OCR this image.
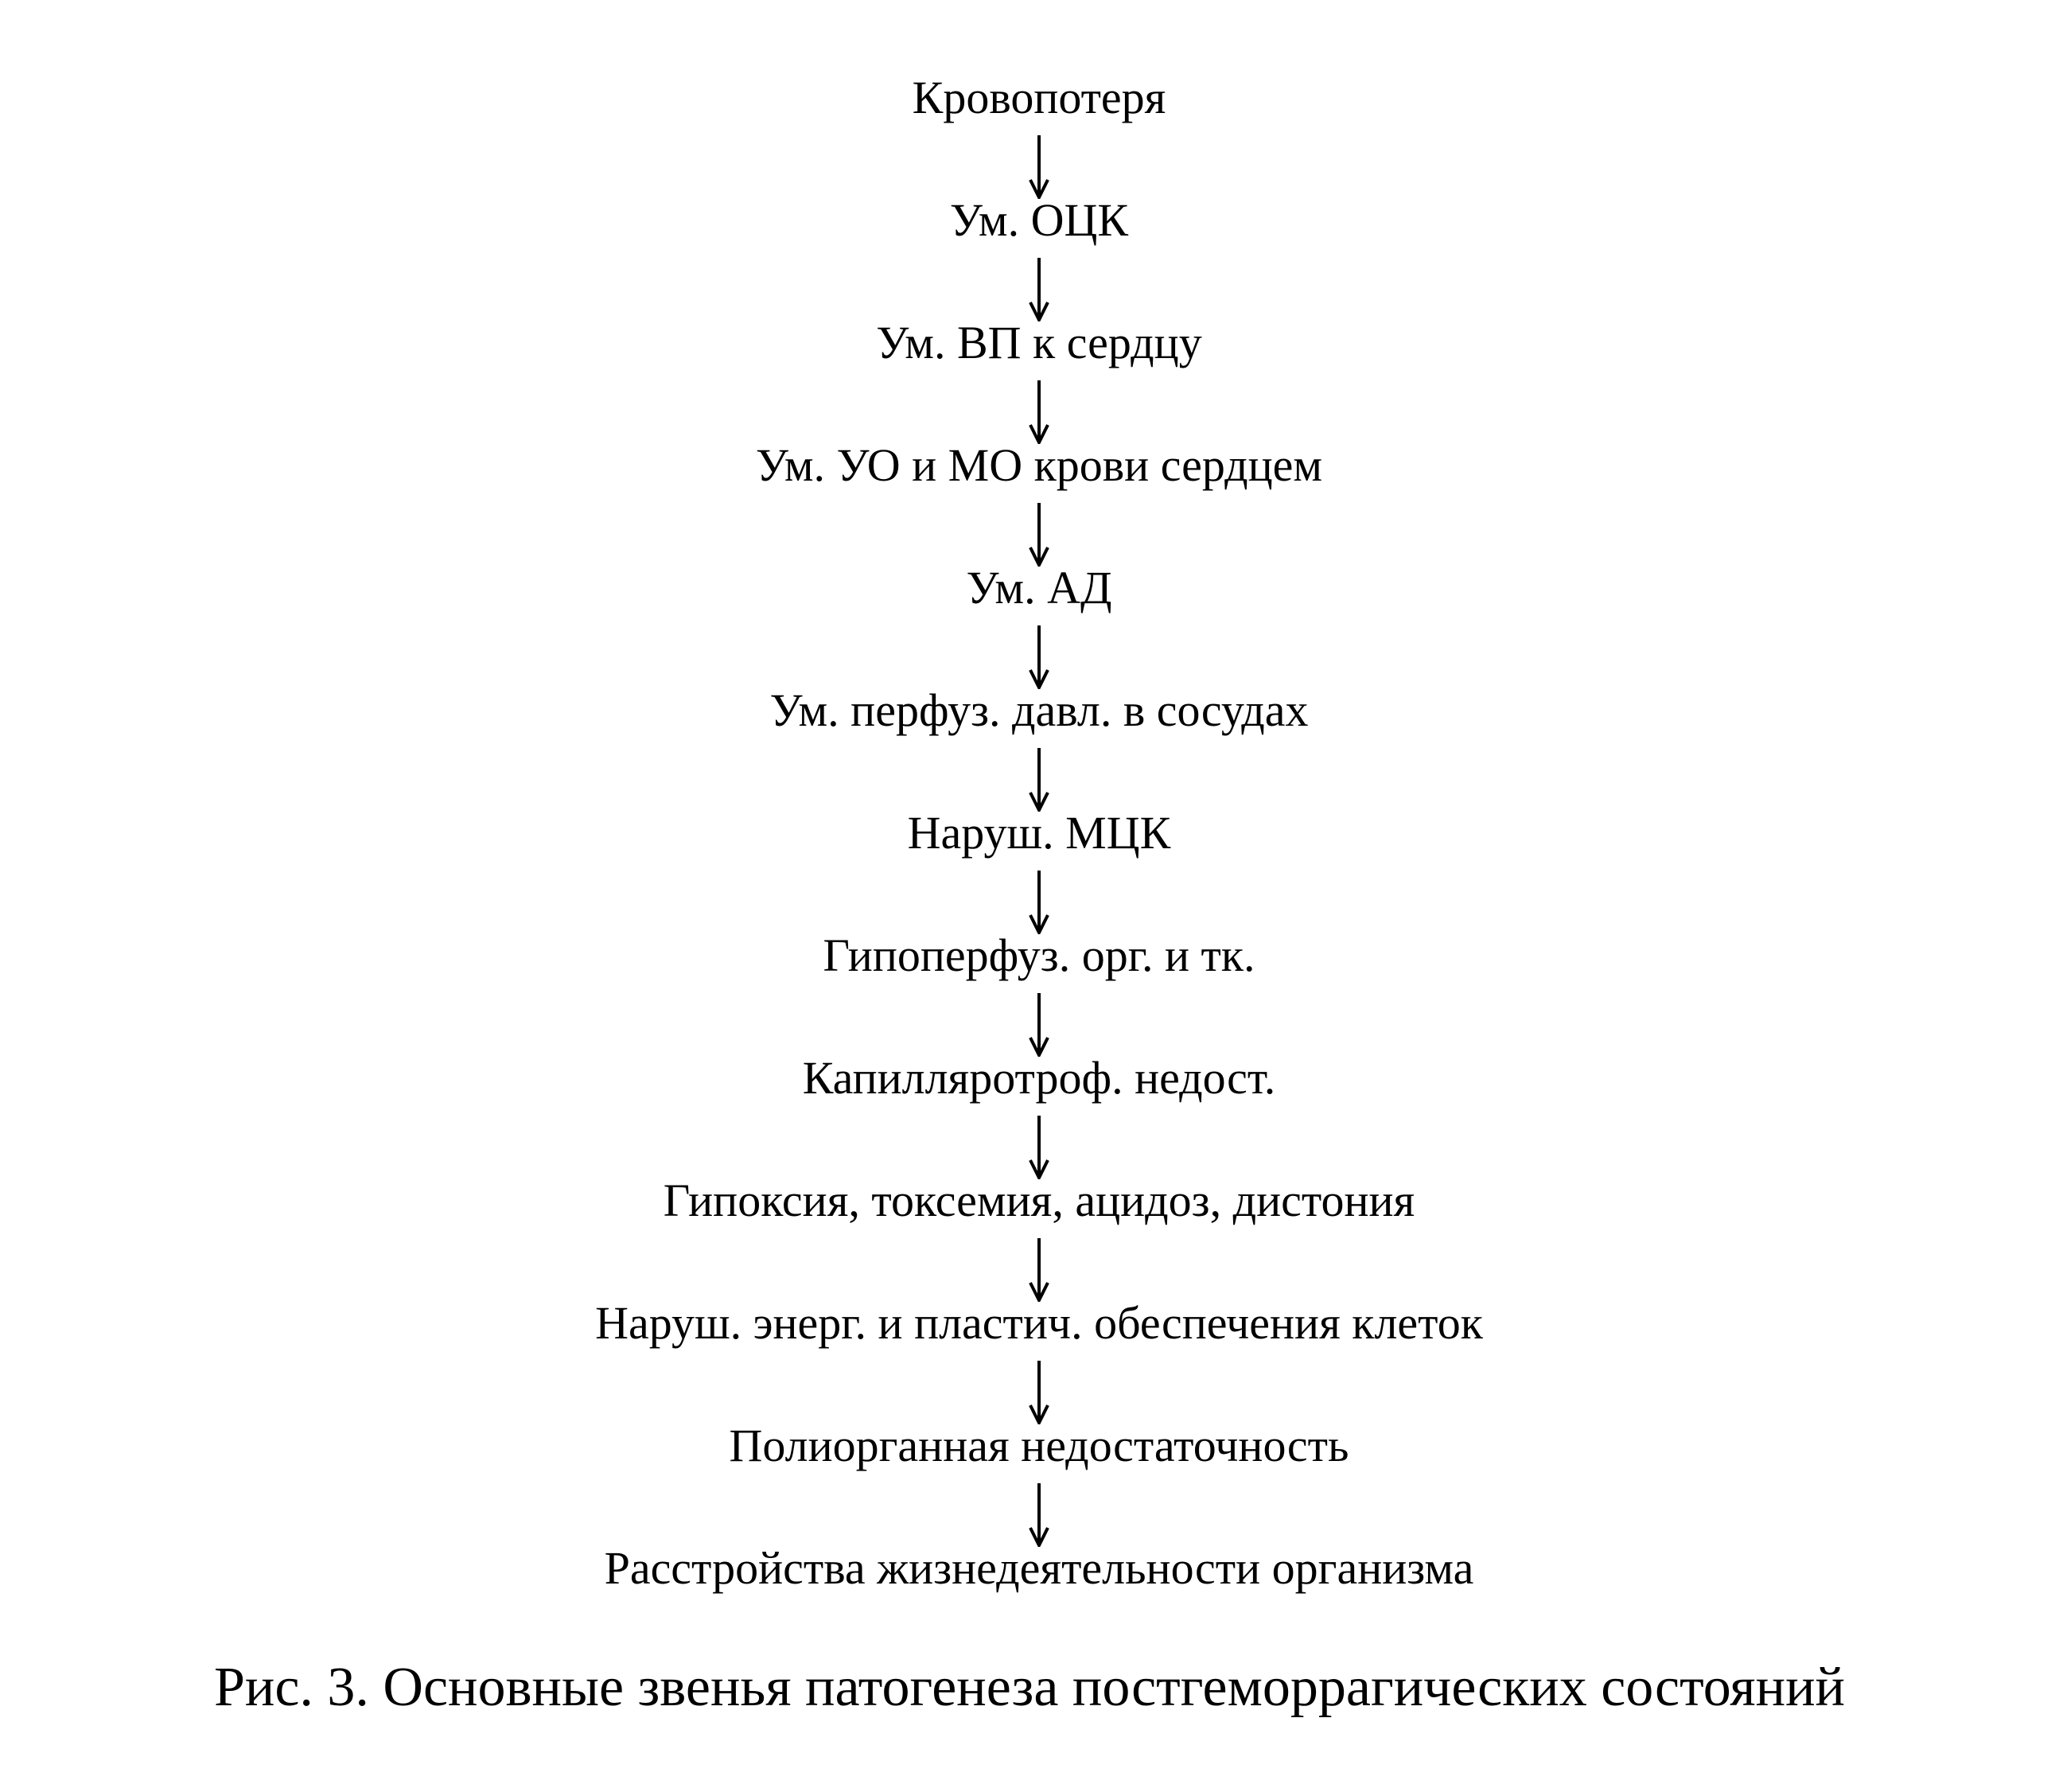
Кровопотеря
Ум. ОЦК
Ум. ВП к сердцу
Ум. УО и МО крови сердцем
Ум. АД
Ум. перфуз. давл. в сосудах
Наруш. МЦК
Гипоперфуз. орг. и тк.
Капилляротроф. недост.
Гипоксия, токсемия, ацидоз, дистония
Наруш. энерг. и пластич. обеспечения клеток
Полиорганная недостаточность
Расстройства жизнедеятельности организма
Рис. 3. Основные звенья патогенеза постгеморрагических состояний
